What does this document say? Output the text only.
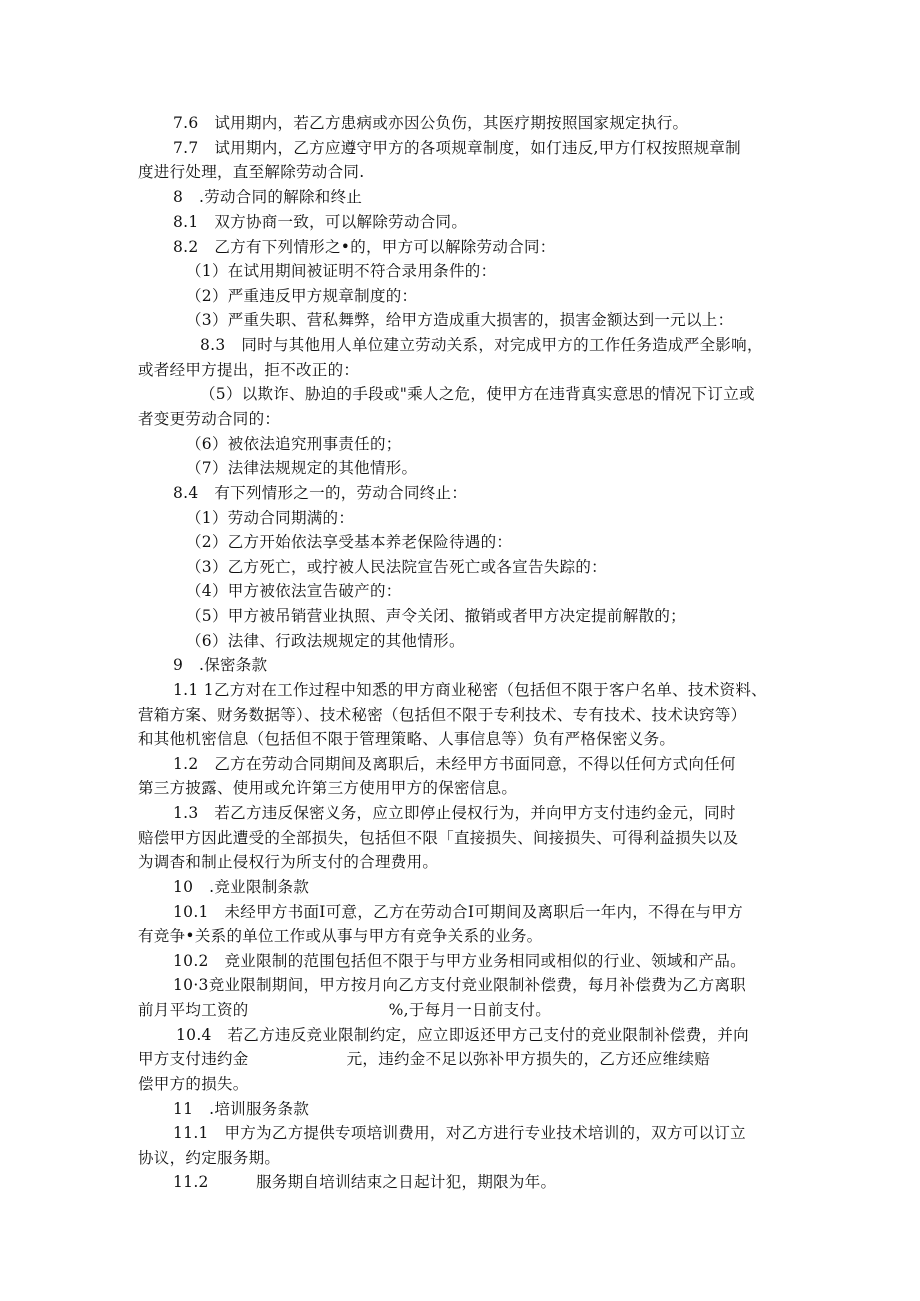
7.6　试用期内，若乙方患病或亦因公负伤，其医疗期按照国家规定执行。
7.7　试用期内，乙方应遵守甲方的各项规章制度，如仃违反,甲方仃权按照规章制
度进行处理，直至解除劳动合同.
8　.劳动合同的解除和终止
8.1　双方协商一致，可以解除劳动合同。
8.2　乙方有下列情形之•的，甲方可以解除劳动合同：
（1）在试用期间被证明不符合录用条件的：
（2）严重违反甲方规章制度的：
（3）严重失职、营私舞弊，给甲方造成重大损害的，损害金额达到一元以上：
8.3　同时与其他用人单位建立劳动关系，对完成甲方的工作任务造成严全影响，
或者经甲方提出，拒不改正的：
（5）以欺诈、胁迫的手段或"乘人之危，使甲方在违背真实意思的情况下订立或
者变更劳动合同的：
（6）被依法追究刑事责任的；
（7）法律法规规定的其他情形。
8.4　有下列情形之一的，劳动合同终止：
（1）劳动合同期满的：
（2）乙方开始依法享受基本养老保险待遇的：
（3）乙方死亡，或拧被人民法院宣告死亡或各宣告失踪的：
（4）甲方被依法宣告破产的：
（5）甲方被吊销营业执照、声令关闭、撤销或者甲方决定提前解散的；
（6）法律、行政法规规定的其他情形。
9　.保密条款
1.1 1乙方对在工作过程中知悉的甲方商业秘密（包括但不限于客户名单、技术资料、
营箱方案、财务数据等）、技术秘密（包括但不限于专利技术、专有技术、技术诀窍等）
和其他机密信息（包括但不限于管理策略、人事信息等）负有严格保密义务。
1.2　乙方在劳动合同期间及离职后，未经甲方书面同意，不得以任何方式向任何
第三方披露、使用或允许第三方使用甲方的保密信息。
1.3　若乙方违反保密义务，应立即停止侵权行为，并向甲方支付违约金元，同时
赔偿甲方因此遭受的全部损失，包括但不限「直接损失、间接损失、可得利益损失以及
为调杳和制止侵权行为所支付的合理费用。
10　.竞业限制条款
10.1　未经甲方书面I可意，乙方在劳动合I可期间及离职后一年内，不得在与甲方
有竞争•关系的单位工作或从事与甲方有竞争关系的业务。
10.2　竞业限制的范围包括但不限于与甲方业务相同或相似的行业、领域和产品。
10·3竞业限制期间，甲方按月向乙方支付竞业限制补偿费，每月补偿费为乙方离职
前月平均工资的	%,于每月一日前支付。
10.4　若乙方违反竞业限制约定，应立即返还甲方己支付的竞业限制补偿费，并向
甲方支付违约金	元，违约金不足以弥补甲方损失的，乙方还应维续赔
偿甲方的损失。
11　.培训服务条款
11.1　甲方为乙方提供专项培训费用，对乙方进行专业技术培训的，双方可以订立
协议，约定服务期。
11.2　　　服务期自培训结束之日起计犯，期限为年。
